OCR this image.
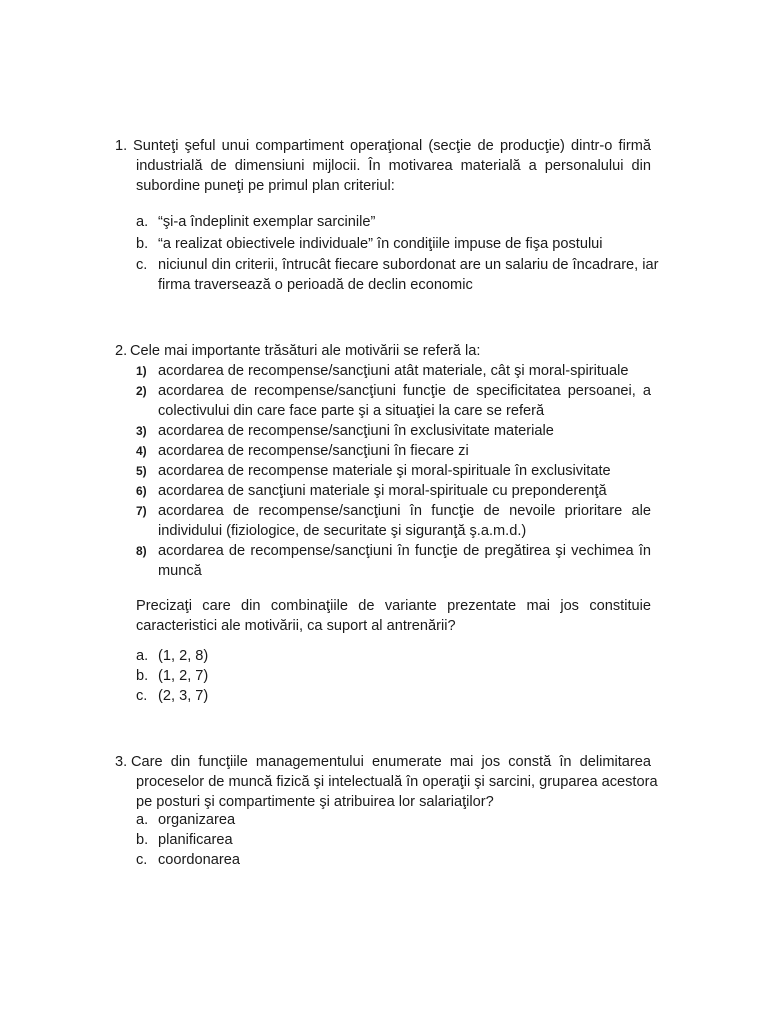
1. Sunteţi şeful unui compartiment operaţional (secţie de producţie) dintr-o firmă
industrială de dimensiuni mijlocii. În motivarea materială a personalului din
subordine puneţi pe primul plan criteriul:
a. “şi-a îndeplinit exemplar sarcinile”
b. “a realizat obiectivele individuale” în condiţiile impuse de fişa postului
c. niciunul din criterii, întrucât fiecare subordonat are un salariu de încadrare, iar
firma traversează o perioadă de declin economic
2. Cele mai importante trăsături ale motivării se referă la:
1) acordarea de recompense/sancţiuni atât materiale, cât şi moral-spirituale
2) acordarea de recompense/sancţiuni funcţie de specificitatea persoanei, a
colectivului din care face parte şi a situaţiei la care se referă
3) acordarea de recompense/sancţiuni în exclusivitate materiale
4) acordarea de recompense/sancţiuni în fiecare zi
5) acordarea de recompense materiale şi moral-spirituale în exclusivitate
6) acordarea de sancţiuni materiale şi moral-spirituale cu preponderenţă
7) acordarea de recompense/sancţiuni în funcţie de nevoile prioritare ale
individului (fiziologice, de securitate şi siguranţă ş.a.m.d.)
8) acordarea de recompense/sancţiuni în funcţie de pregătirea şi vechimea în
muncă
Precizaţi care din combinaţiile de variante prezentate mai jos constituie
caracteristici ale motivării, ca suport al antrenării?
a. (1, 2, 8)
b. (1, 2, 7)
c. (2, 3, 7)
3. Care din funcţiile managementului enumerate mai jos constă în delimitarea
proceselor de muncă fizică şi intelectuală în operaţii şi sarcini, gruparea acestora
pe posturi şi compartimente şi atribuirea lor salariaţilor?
a. organizarea
b. planificarea
c. coordonarea
